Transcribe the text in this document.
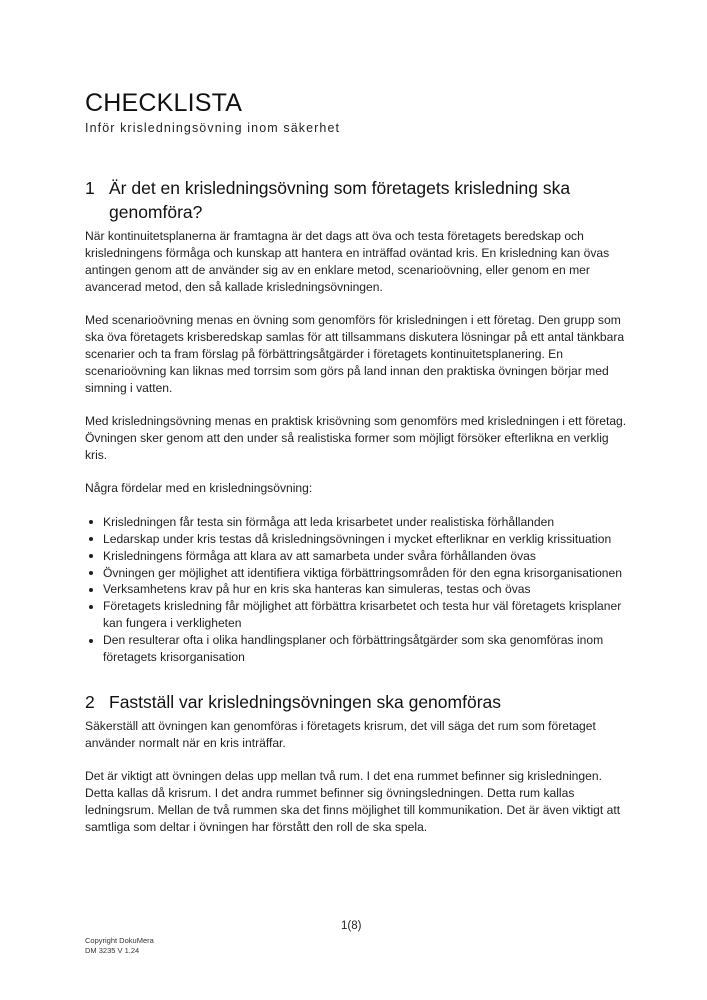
CHECKLISTA
Inför krisledningsövning inom säkerhet
1 Är det en krisledningsövning som företagets krisledning ska genomföra?

När kontinuitetsplanerna är framtagna är det dags att öva och testa företagets beredskap och krisledningens förmåga och kunskap att hantera en inträffad oväntad kris. En krisledning kan övas antingen genom att de använder sig av en enklare metod, scenarioövning, eller genom en mer avancerad metod, den så kallade krisledningsövningen.

Med scenarioövning menas en övning som genomförs för krisledningen i ett företag. Den grupp som ska öva företagets krisberedskap samlas för att tillsammans diskutera lösningar på ett antal tänkbara scenarier och ta fram förslag på förbättringsåtgärder i företagets kontinuitetsplanering. En scenarioövning kan liknas med torrsim som görs på land innan den praktiska övningen börjar med simning i vatten.

Med krisledningsövning menas en praktisk krisövning som genomförs med krisledningen i ett företag. Övningen sker genom att den under så realistiska former som möjligt försöker efterlikna en verklig kris.

Några fördelar med en krisledningsövning:

Krisledningen får testa sin förmåga att leda krisarbetet under realistiska förhållanden
Ledarskap under kris testas då krisledningsövningen i mycket efterliknar en verklig krissituation
Krisledningens förmåga att klara av att samarbeta under svåra förhållanden övas
Övningen ger möjlighet att identifiera viktiga förbättringsområden för den egna krisorganisationen
Verksamhetens krav på hur en kris ska hanteras kan simuleras, testas och övas
Företagets krisledning får möjlighet att förbättra krisarbetet och testa hur väl företagets krisplaner kan fungera i verkligheten
Den resulterar ofta i olika handlingsplaner och förbättringsåtgärder som ska genomföras inom företagets krisorganisation
2 Fastställ var krisledningsövningen ska genomföras

Säkerställ att övningen kan genomföras i företagets krisrum, det vill säga det rum som företaget använder normalt när en kris inträffar.

Det är viktigt att övningen delas upp mellan två rum. I det ena rummet befinner sig krisledningen. Detta kallas då krisrum. I det andra rummet befinner sig övningsledningen. Detta rum kallas ledningsrum. Mellan de två rummen ska det finns möjlighet till kommunikation. Det är även viktigt att samtliga som deltar i övningen har förstått den roll de ska spela.

1(8)
Copyright DokuMera
DM 3235 V 1.24
